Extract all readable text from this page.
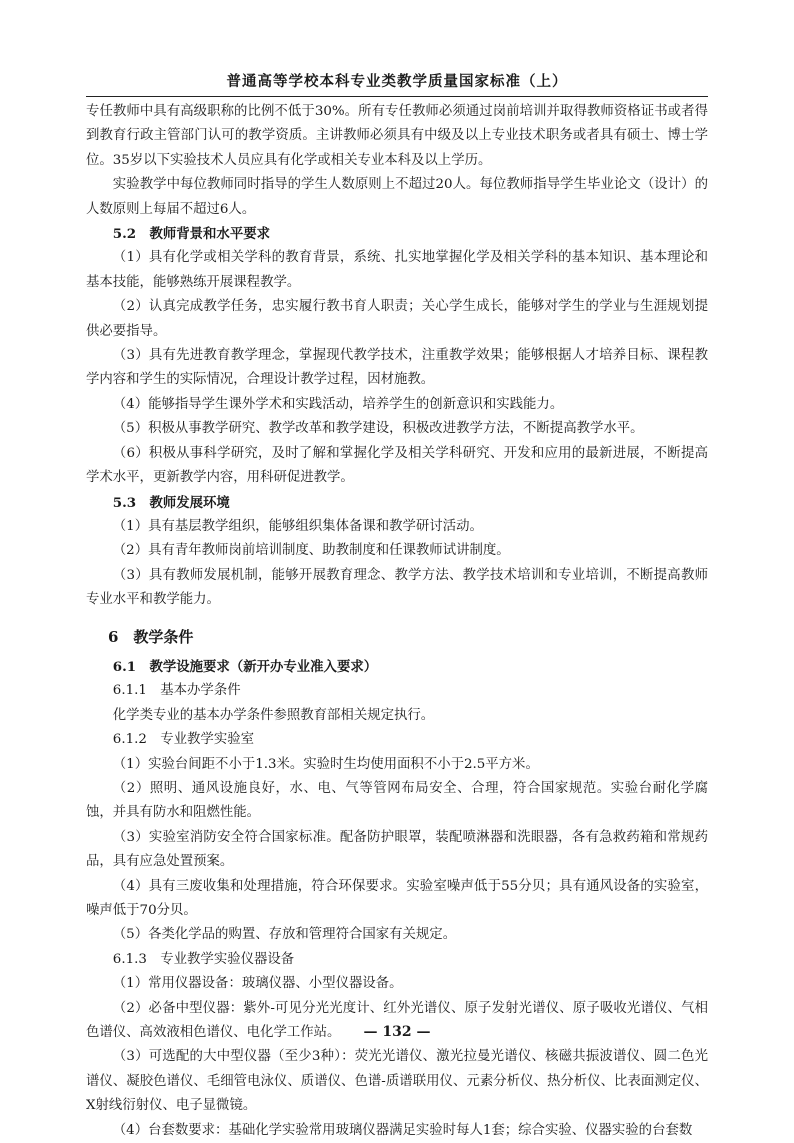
普通高等学校本科专业类教学质量国家标准（上）

专任教师中具有高级职称的比例不低于30%。所有专任教师必须通过岗前培训并取得教师资格证书或者得到教育行政主管部门认可的教学资质。主讲教师必须具有中级及以上专业技术职务或者具有硕士、博士学位。35岁以下实验技术人员应具有化学或相关专业本科及以上学历。

实验教学中每位教师同时指导的学生人数原则上不超过20人。每位教师指导学生毕业论文（设计）的人数原则上每届不超过6人。

5.2　教师背景和水平要求

（1）具有化学或相关学科的教育背景，系统、扎实地掌握化学及相关学科的基本知识、基本理论和基本技能，能够熟练开展课程教学。

（2）认真完成教学任务，忠实履行教书育人职责；关心学生成长，能够对学生的学业与生涯规划提供必要指导。

（3）具有先进教育教学理念，掌握现代教学技术，注重教学效果；能够根据人才培养目标、课程教学内容和学生的实际情况，合理设计教学过程，因材施教。

（4）能够指导学生课外学术和实践活动，培养学生的创新意识和实践能力。

（5）积极从事教学研究、教学改革和教学建设，积极改进教学方法，不断提高教学水平。

（6）积极从事科学研究，及时了解和掌握化学及相关学科研究、开发和应用的最新进展，不断提高学术水平，更新教学内容，用科研促进教学。

5.3　教师发展环境

（1）具有基层教学组织，能够组织集体备课和教学研讨活动。

（2）具有青年教师岗前培训制度、助教制度和任课教师试讲制度。

（3）具有教师发展机制，能够开展教育理念、教学方法、教学技术培训和专业培训，不断提高教师专业水平和教学能力。

6　教学条件

6.1　教学设施要求（新开办专业准入要求）

6.1.1　基本办学条件

化学类专业的基本办学条件参照教育部相关规定执行。

6.1.2　专业教学实验室

（1）实验台间距不小于1.3米。实验时生均使用面积不小于2.5平方米。

（2）照明、通风设施良好，水、电、气等管网布局安全、合理，符合国家规范。实验台耐化学腐蚀，并具有防水和阻燃性能。

（3）实验室消防安全符合国家标准。配备防护眼罩，装配喷淋器和洗眼器，各有急救药箱和常规药品，具有应急处置预案。

（4）具有三废收集和处理措施，符合环保要求。实验室噪声低于55分贝；具有通风设备的实验室，噪声低于70分贝。

（5）各类化学品的购置、存放和管理符合国家有关规定。

6.1.3　专业教学实验仪器设备

（1）常用仪器设备：玻璃仪器、小型仪器设备。

（2）必备中型仪器：紫外-可见分光光度计、红外光谱仪、原子发射光谱仪、原子吸收光谱仪、气相色谱仪、高效液相色谱仪、电化学工作站。

（3）可选配的大中型仪器（至少3种）：荧光光谱仪、激光拉曼光谱仪、核磁共振波谱仪、圆二色光谱仪、凝胶色谱仪、毛细管电泳仪、质谱仪、色谱-质谱联用仪、元素分析仪、热分析仪、比表面测定仪、X射线衍射仪、电子显微镜。

（4）台套数要求：基础化学实验常用玻璃仪器满足实验时每人1套；综合实验、仪器实验的台套数

— 132 —
